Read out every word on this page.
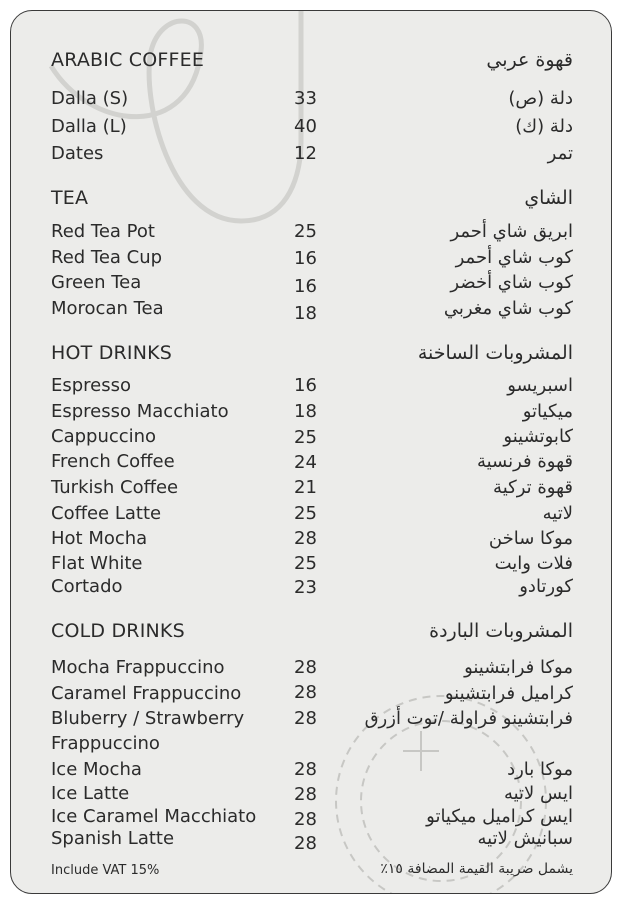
ARABIC COFFEE	قهوة عربي
Dalla (S)	33	دلة (ص)
Dalla (L)	40	دلة (ك)
Dates	12	تمر
TEA	الشاي
Red Tea Pot	25	ابريق شاي أحمر
Red Tea Cup	16	كوب شاي أحمر
Green Tea	16	كوب شاي أخضر
Morocan Tea	18	كوب شاي مغربي
HOT DRINKS	المشروبات الساخنة
Espresso	16	اسبريسو
Espresso Macchiato	18	ميكياتو
Cappuccino	25	كابوتشينو
French Coffee	24	قهوة فرنسية
Turkish Coffee	21	قهوة تركية
Coffee Latte	25	لاتيه
Hot Mocha	28	موكا ساخن
Flat White	25	فلات وايت
Cortado	23	كورتادو
COLD DRINKS	المشروبات الباردة
Mocha Frappuccino	28	موكا فرابتشينو
Caramel Frappuccino	28	كراميل فرابتشينو
Bluberry / Strawberry	28	فرابتشينو فراولة /توت أزرق
Frappuccino
Ice Mocha	28	موكا بارد
Ice Latte	28	ايس لاتيه
Ice Caramel Macchiato 28	ايس كراميل ميكياتو
Spanish Latte	28	سبانيش لاتيه
Include VAT 15%	يشمل ضريبة القيمة المضافة ١٥٪
